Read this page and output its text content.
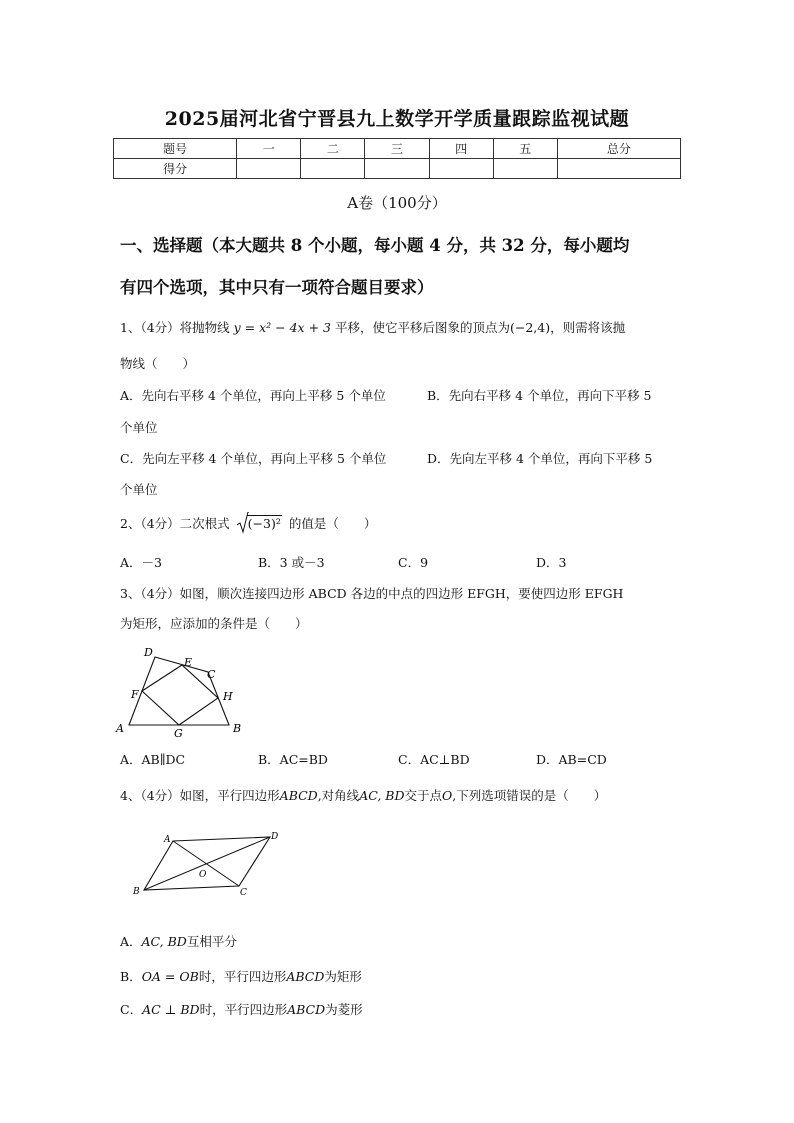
2025届河北省宁晋县九上数学开学质量跟踪监视试题
题号	一	二	三	四	五	总分
得分						
A卷（100分）
一、选择题（本大题共 8 个小题，每小题 4 分，共 32 分，每小题均
有四个选项，其中只有一项符合题目要求）
1、（4分）将抛物线 y = x² − 4x + 3 平移，使它平移后图象的顶点为(−2,4)，则需将该抛
物线（　　）
A．先向右平移 4 个单位，再向上平移 5 个单位	B．先向右平移 4 个单位，再向下平移 5
个单位
C．先向左平移 4 个单位，再向上平移 5 个单位	D．先向左平移 4 个单位，再向下平移 5
个单位
2、（4分）二次根式 (−3)² 的值是（　　）
A．－3	B．3 或－3	C．9	D．3
3、（4分）如图，顺次连接四边形 ABCD 各边的中点的四边形 EFGH，要使四边形 EFGH
为矩形，应添加的条件是（　　）
A	B
C
D
E
F
G
H
A．AB∥DC	B．AC=BD	C．AC⊥BD	D．AB=CD
4、（4分）如图，平行四边形ABCD,对角线AC, BD交于点O,下列选项错误的是（　　）
A
B	C
D
O
A．AC, BD互相平分
B．OA = OB时，平行四边形ABCD为矩形
C．AC ⊥ BD时，平行四边形ABCD为菱形
